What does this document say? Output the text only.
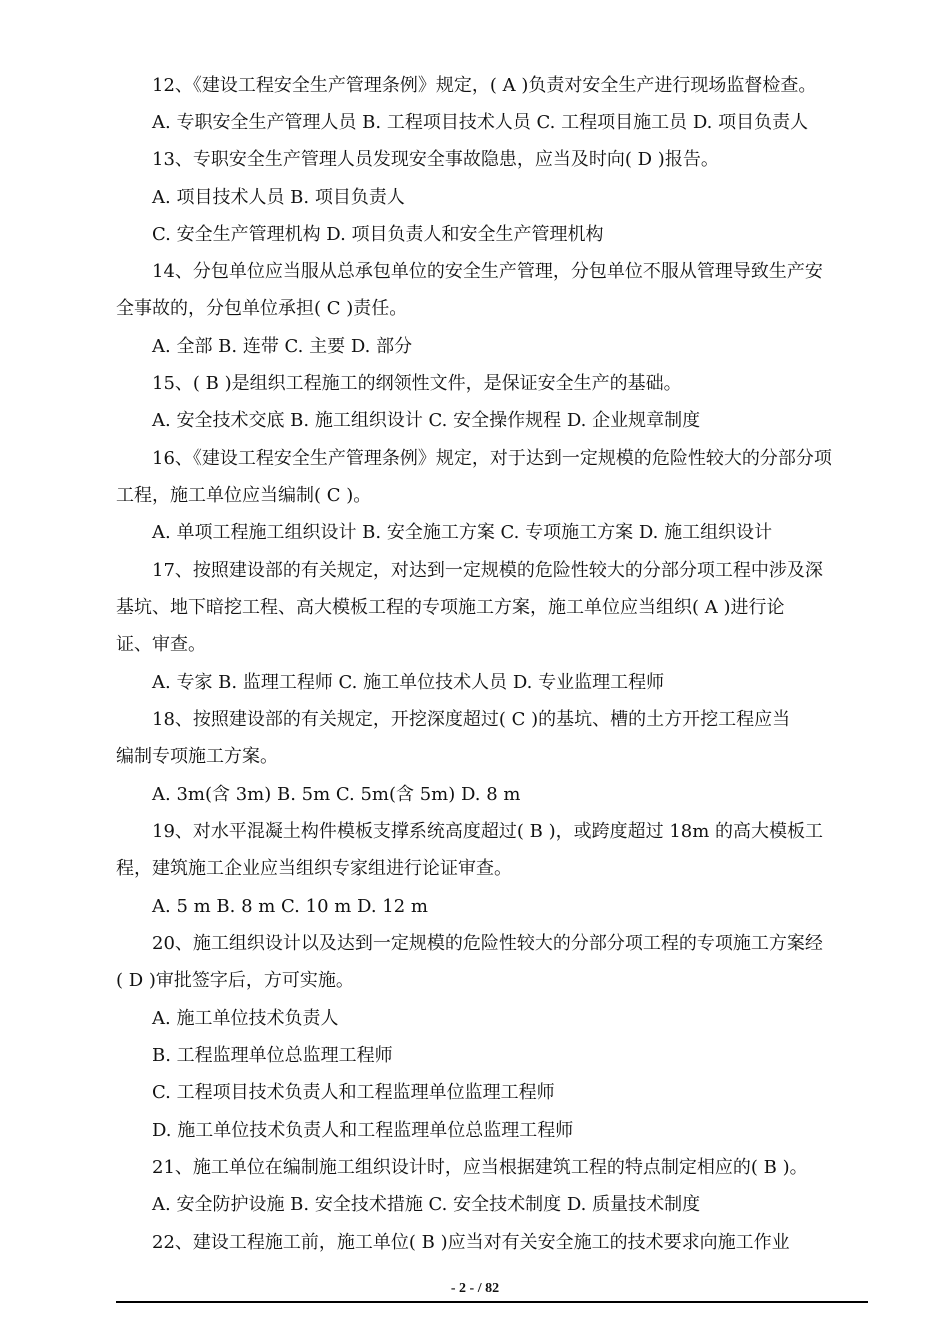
12、《建设工程安全生产管理条例》规定，( A )负责对安全生产进行现场监督检查。
A. 专职安全生产管理人员 B. 工程项目技术人员 C. 工程项目施工员 D. 项目负责人
13、专职安全生产管理人员发现安全事故隐患，应当及时向( D )报告。
A. 项目技术人员 B. 项目负责人
C. 安全生产管理机构 D. 项目负责人和安全生产管理机构
14、分包单位应当服从总承包单位的安全生产管理，分包单位不服从管理导致生产安
全事故的，分包单位承担( C )责任。
A. 全部 B. 连带 C. 主要 D. 部分
15、( B )是组织工程施工的纲领性文件，是保证安全生产的基础。
A. 安全技术交底 B. 施工组织设计 C. 安全操作规程 D. 企业规章制度
16、《建设工程安全生产管理条例》规定，对于达到一定规模的危险性较大的分部分项
工程，施工单位应当编制( C )。
A. 单项工程施工组织设计 B. 安全施工方案 C. 专项施工方案 D. 施工组织设计
17、按照建设部的有关规定，对达到一定规模的危险性较大的分部分项工程中涉及深
基坑、地下暗挖工程、高大模板工程的专项施工方案，施工单位应当组织( A )进行论
证、审查。
A. 专家 B. 监理工程师 C. 施工单位技术人员 D. 专业监理工程师
18、按照建设部的有关规定，开挖深度超过( C )的基坑、槽的土方开挖工程应当
编制专项施工方案。
A. 3m(含 3m) B. 5m C. 5m(含 5m) D. 8 m
19、对水平混凝土构件模板支撑系统高度超过( B )，或跨度超过 18m 的高大模板工
程，建筑施工企业应当组织专家组进行论证审查。
A. 5 m B. 8 m C. 10 m D. 12 m
20、施工组织设计以及达到一定规模的危险性较大的分部分项工程的专项施工方案经
( D )审批签字后，方可实施。
A. 施工单位技术负责人
B. 工程监理单位总监理工程师
C. 工程项目技术负责人和工程监理单位监理工程师
D. 施工单位技术负责人和工程监理单位总监理工程师
21、施工单位在编制施工组织设计时，应当根据建筑工程的特点制定相应的( B )。
A. 安全防护设施 B. 安全技术措施 C. 安全技术制度 D. 质量技术制度
22、建设工程施工前，施工单位( B )应当对有关安全施工的技术要求向施工作业
- 2 - / 82
